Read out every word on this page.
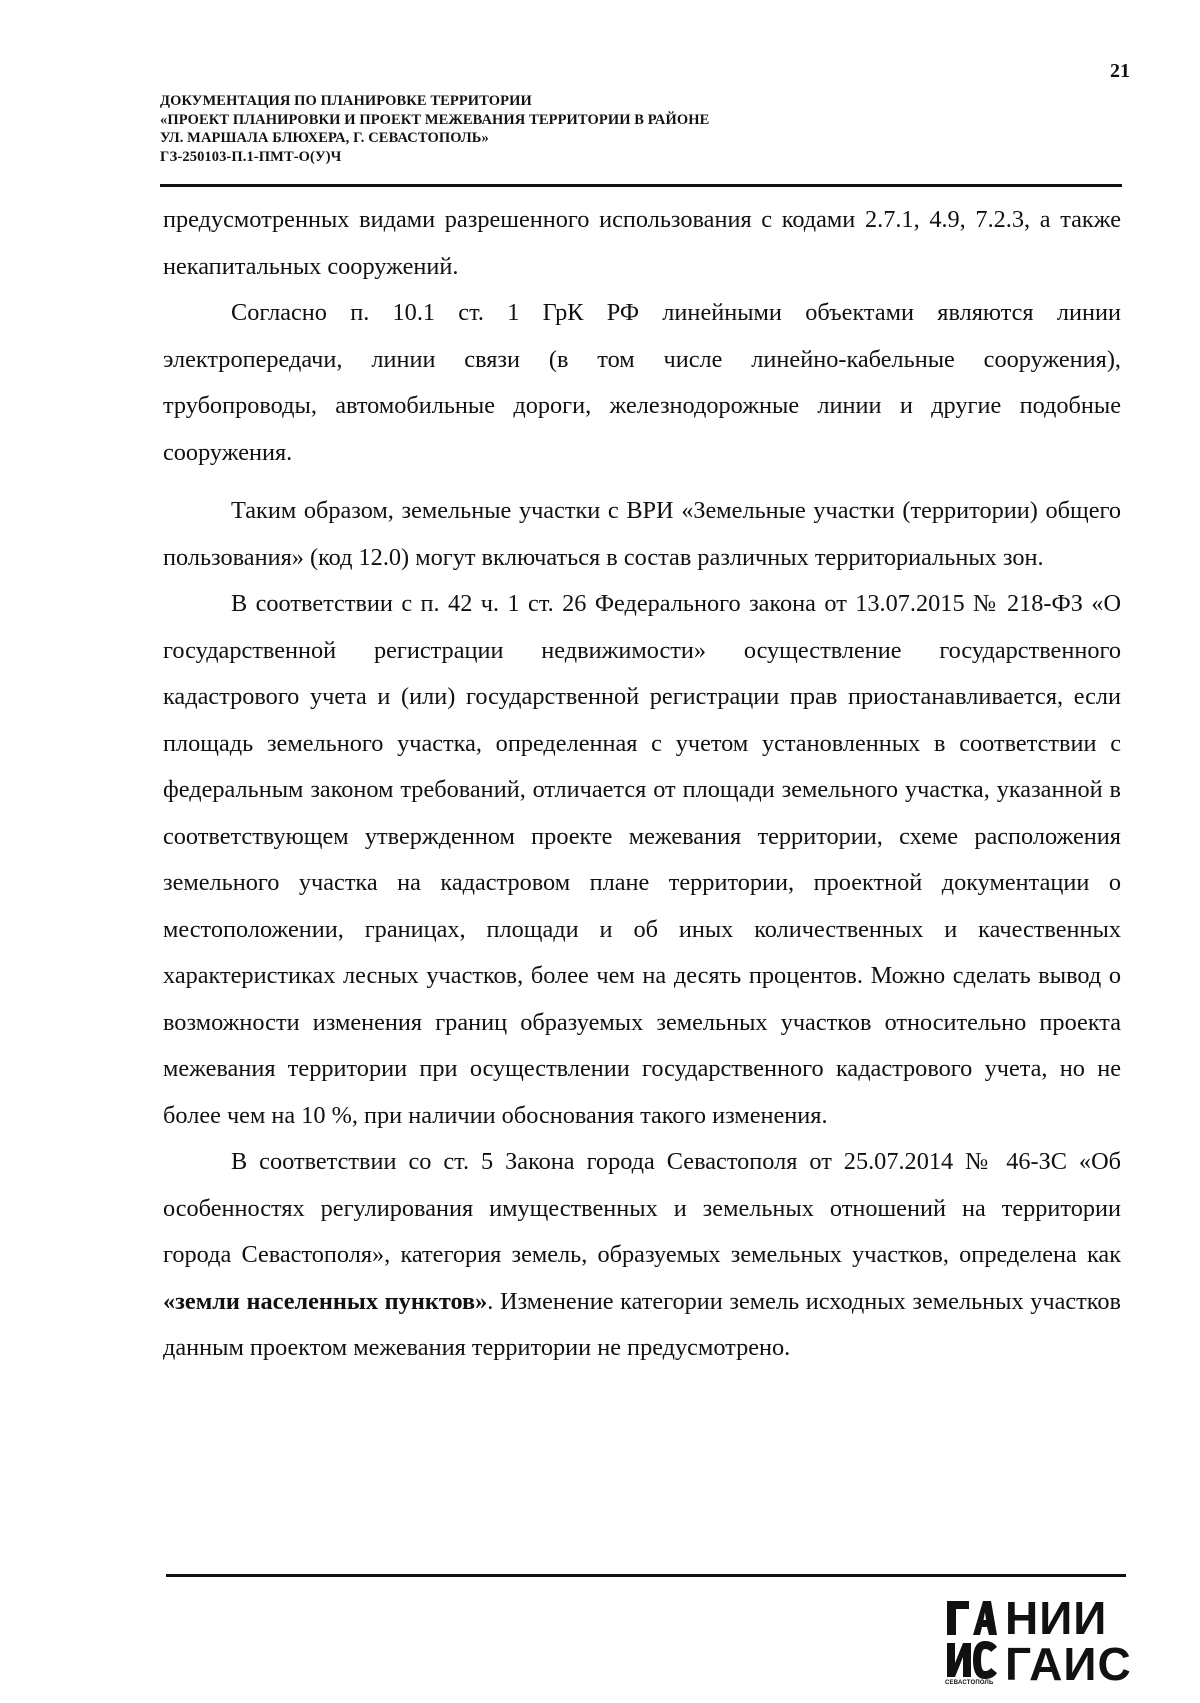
21
ДОКУМЕНТАЦИЯ ПО ПЛАНИРОВКЕ ТЕРРИТОРИИ
«ПРОЕКТ ПЛАНИРОВКИ И ПРОЕКТ МЕЖЕВАНИЯ ТЕРРИТОРИИ В РАЙОНЕ
УЛ. МАРШАЛА БЛЮХЕРА, Г. СЕВАСТОПОЛЬ»
ГЗ-250103-П.1-ПМТ-О(У)Ч

предусмотренных видами разрешенного использования с кодами 2.7.1, 4.9, 7.2.3, а также некапитальных сооружений.

Согласно п. 10.1 ст. 1 ГрК РФ линейными объектами являются линии электропередачи, линии связи (в том числе линейно-кабельные сооружения), трубопроводы, автомобильные дороги, железнодорожные линии и другие подобные сооружения.

Таким образом, земельные участки с ВРИ «Земельные участки (территории) общего пользования» (код 12.0) могут включаться в состав различных территориальных зон.

В соответствии с п. 42 ч. 1 ст. 26 Федерального закона от 13.07.2015 № 218-ФЗ «О государственной регистрации недвижимости» осуществление государственного кадастрового учета и (или) государственной регистрации прав приостанавливается, если площадь земельного участка, определенная с учетом установленных в соответствии с федеральным законом требований, отличается от площади земельного участка, указанной в соответствующем утвержденном проекте межевания территории, схеме расположения земельного участка на кадастровом плане территории, проектной документации о местоположении, границах, площади и об иных количественных и качественных характеристиках лесных участков, более чем на десять процентов. Можно сделать вывод о возможности изменения границ образуемых земельных участков относительно проекта межевания территории при осуществлении государственного кадастрового учета, но не более чем на 10 %, при наличии обоснования такого изменения.

В соответствии со ст. 5 Закона города Севастополя от 25.07.2014 № 46-ЗС «Об особенностях регулирования имущественных и земельных отношений на территории города Севастополя», категория земель, образуемых земельных участков, определена как «земли населенных пунктов». Изменение категории земель исходных земельных участков данным проектом межевания территории не предусмотрено.

СЕВАСТОПОЛЬ
НИИ
ГАИС
